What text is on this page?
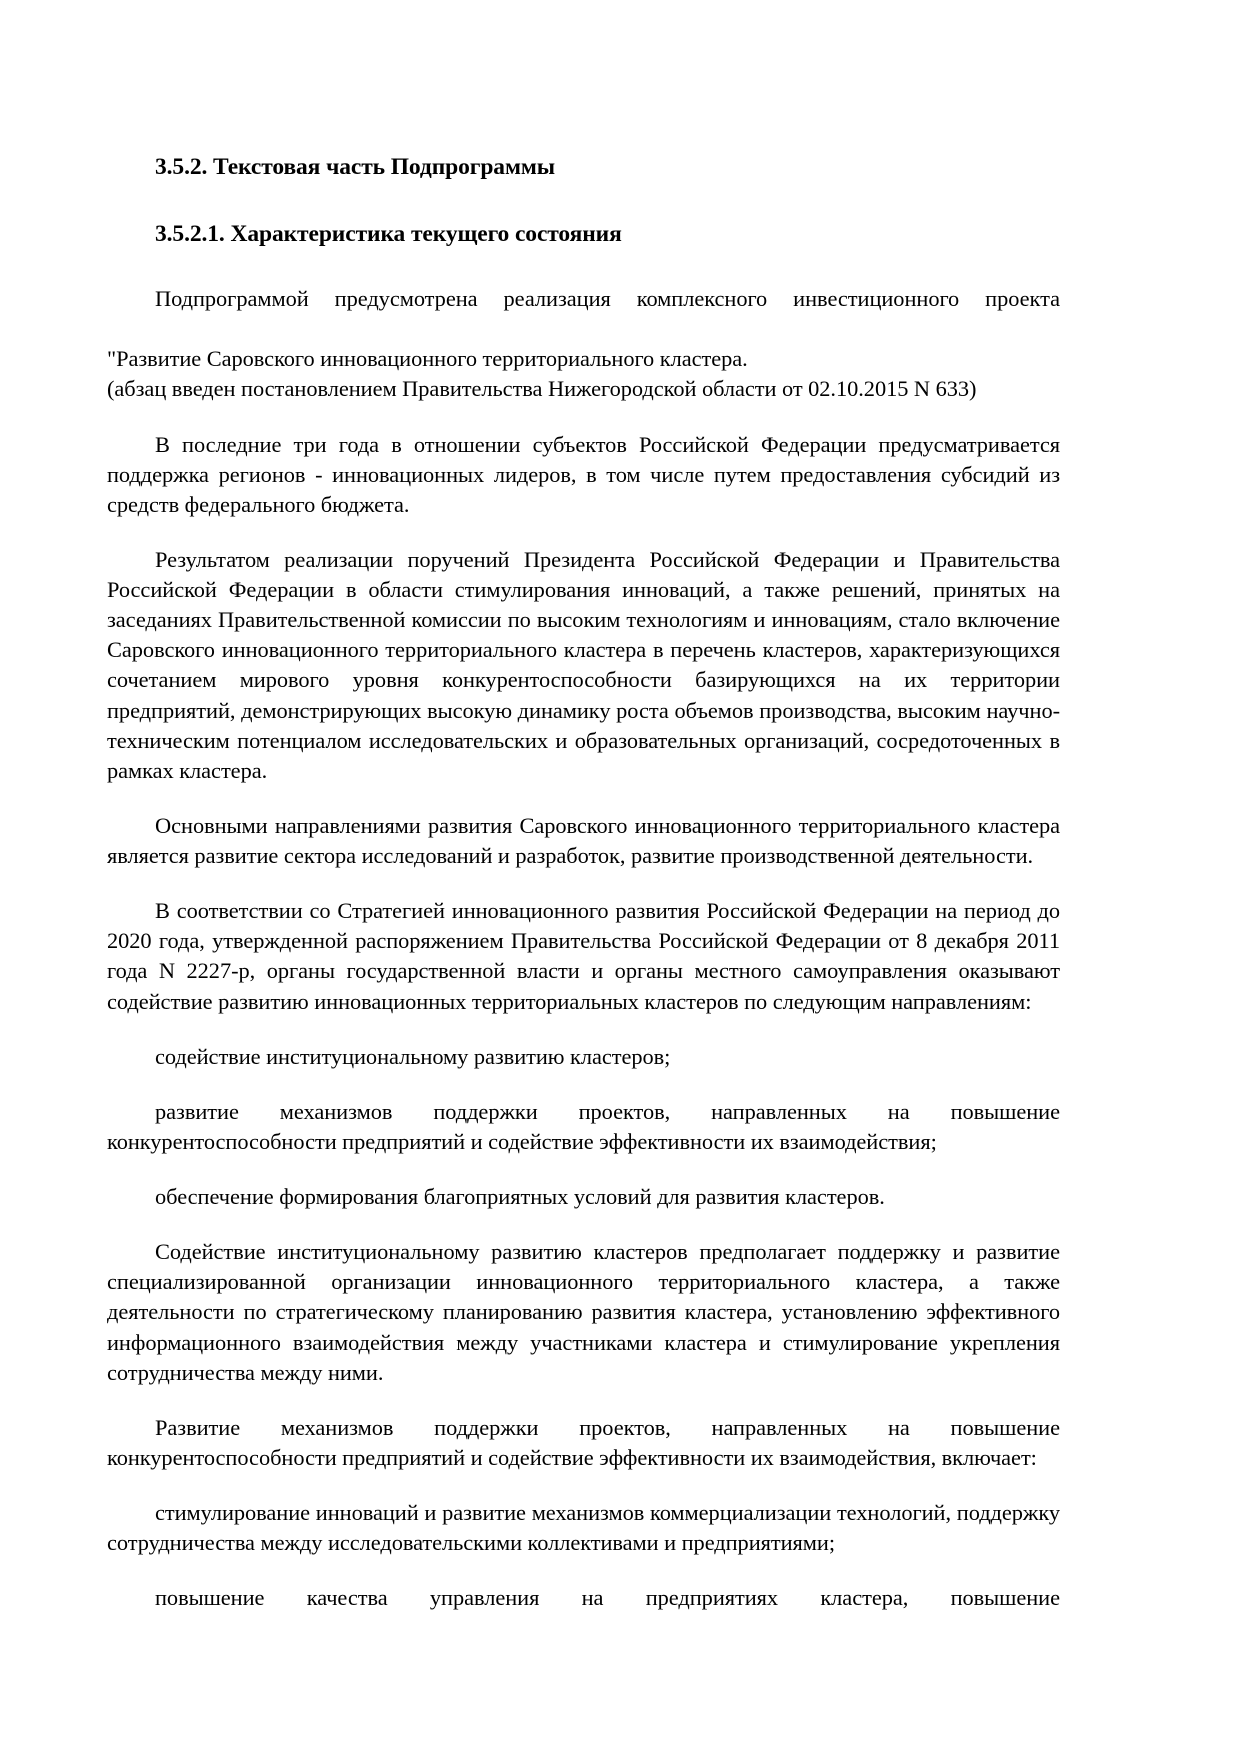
3.5.2. Текстовая часть Подпрограммы
3.5.2.1. Характеристика текущего состояния

Подпрограммой предусмотрена реализация комплексного инвестиционного проекта

"Развитие Саровского инновационного территориального кластера.
(абзац введен постановлением Правительства Нижегородской области от 02.10.2015 N 633)

В последние три года в отношении субъектов Российской Федерации предусматривается поддержка регионов - инновационных лидеров, в том числе путем предоставления субсидий из средств федерального бюджета.

Результатом реализации поручений Президента Российской Федерации и Правительства Российской Федерации в области стимулирования инноваций, а также решений, принятых на заседаниях Правительственной комиссии по высоким технологиям и инновациям, стало включение Саровского инновационного территориального кластера в перечень кластеров, характеризующихся сочетанием мирового уровня конкурентоспособности базирующихся на их территории предприятий, демонстрирующих высокую динамику роста объемов производства, высоким научно-техническим потенциалом исследовательских и образовательных организаций, сосредоточенных в рамках кластера.

Основными направлениями развития Саровского инновационного территориального кластера является развитие сектора исследований и разработок, развитие производственной деятельности.

В соответствии со Стратегией инновационного развития Российской Федерации на период до 2020 года, утвержденной распоряжением Правительства Российской Федерации от 8 декабря 2011 года N 2227-р, органы государственной власти и органы местного самоуправления оказывают содействие развитию инновационных территориальных кластеров по следующим направлениям:

содействие институциональному развитию кластеров;

развитие механизмов поддержки проектов, направленных на повышение конкурентоспособности предприятий и содействие эффективности их взаимодействия;

обеспечение формирования благоприятных условий для развития кластеров.

Содействие институциональному развитию кластеров предполагает поддержку и развитие специализированной организации инновационного территориального кластера, а также деятельности по стратегическому планированию развития кластера, установлению эффективного информационного взаимодействия между участниками кластера и стимулирование укрепления сотрудничества между ними.

Развитие механизмов поддержки проектов, направленных на повышение конкурентоспособности предприятий и содействие эффективности их взаимодействия, включает:

стимулирование инноваций и развитие механизмов коммерциализации технологий, поддержку сотрудничества между исследовательскими коллективами и предприятиями;

повышение качества управления на предприятиях кластера, повышение
